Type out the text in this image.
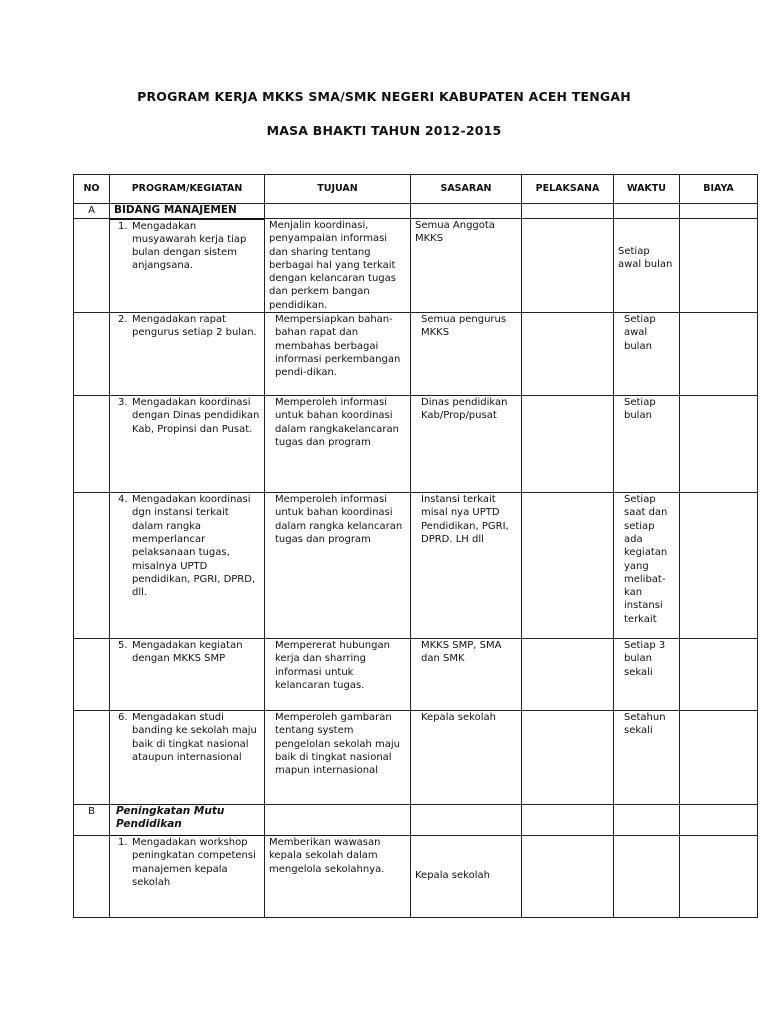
PROGRAM KERJA MKKS SMA/SMK NEGERI KABUPATEN ACEH TENGAH
MASA BHAKTI TAHUN 2012-2015
NO	PROGRAM/KEGIATAN	TUJUAN	SASARAN	PELAKSANA	WAKTU	BIAYA
A	BIDANG MANAJEMEN					

	1. Mengadakan musyawarah kerja tiap bulan dengan sistem anjangsana.	Menjalin koordinasi, penyampaian informasi dan sharing tentang berbagai hal yang terkait dengan kelancaran tugas dan perkem bangan pendidikan.	Semua Anggota MKKS		Setiap awal bulan	

	2. Mengadakan rapat pengurus setiap 2 bulan.	Mempersiapkan bahan-bahan rapat dan membahas berbagai informasi perkembangan pendi-dikan.	Semua pengurus MKKS		Setiap awal bulan	

	3. Mengadakan koordinasi dengan Dinas pendidikan Kab, Propinsi dan Pusat.	Memperoleh informasi untuk bahan koordinasi dalam rangkakelancaran tugas dan program	Dinas pendidikan Kab/Prop/pusat		Setiap bulan	

	4. Mengadakan koordinasi dgn instansi terkait dalam rangka memperlancar pelaksanaan tugas, misalnya UPTD pendidikan, PGRI, DPRD, dll.	Memperoleh informasi untuk bahan koordinasi dalam rangka kelancaran tugas dan program	Instansi terkait misal nya UPTD Pendidikan, PGRI, DPRD. LH dll		Setiap saat dan setiap ada kegiatan yang melibat-kan instansi terkait	

	5. Mengadakan kegiatan dengan MKKS SMP	Mempererat hubungan kerja dan sharring informasi untuk kelancaran tugas.	MKKS SMP, SMA dan SMK		Setiap 3 bulan sekali	

	6. Mengadakan studi banding ke sekolah maju baik di tingkat nasional ataupun internasional	Memperoleh gambaran tentang system pengelolan sekolah maju baik di tingkat nasional mapun internasional	Kepala sekolah		Setahun sekali	
B	Peningkatan Mutu Pendidikan					

	1. Mengadakan workshop peningkatan competensi manajemen kepala sekolah	Memberikan wawasan kepala sekolah dalam mengelola sekolahnya.	Kepala sekolah			
